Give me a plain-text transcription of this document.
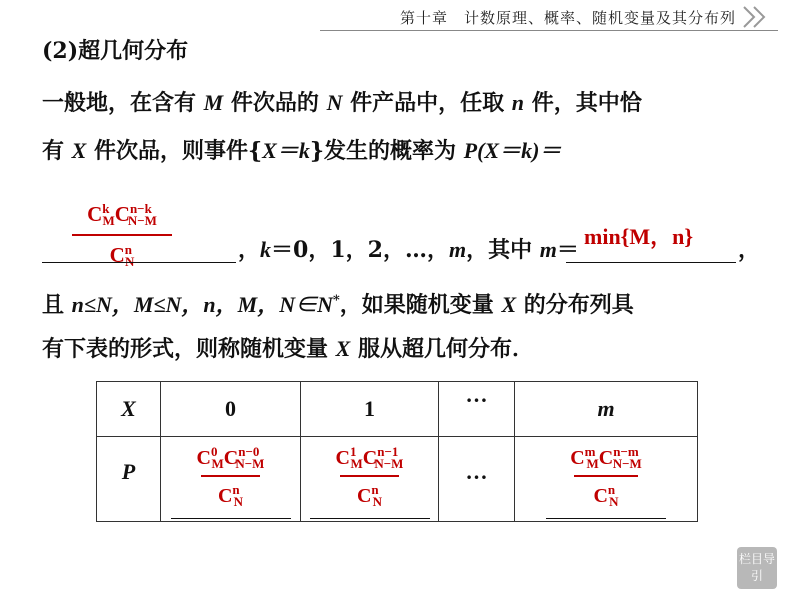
第十章　计数原理、概率、随机变量及其分布列
(2)超几何分布
一般地，在含有 M 件次品的 N 件产品中，任取 n 件，其中恰
有 X 件次品，则事件{X＝k}发生的概率为 P(X＝k)＝
$C^k_MC^{n-k}_{N-M}$
$C^n_N$	，k＝0，1，2，…，m，其中 m＝
min{M，n}
，
且 n≤N，M≤N，n，M，N∈N*，如果随机变量 X 的分布列具
有下表的形式，则称随机变量 X 服从超几何分布．
X	0	1	…	m
P	$\frac{C^0_MC^{n-0}_{N-M}}{C^n_N}$	$\frac{C^1_MC^{n-1}_{N-M}}{C^n_N}$	…	$\frac{C^m_MC^{n-m}_{N-M}}{C^n_N}$
栏目导引
